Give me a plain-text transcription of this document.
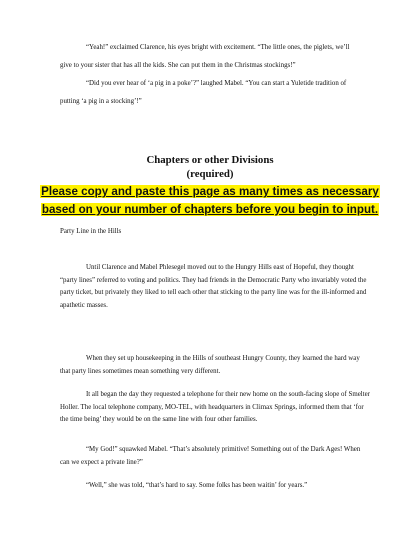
“Yeah!” exclaimed Clarence, his eyes bright with excitement. “The little ones, the piglets, we’ll

give to your sister that has all the kids. She can put them in the Christmas stockings!”

“Did you ever hear of ‘a pig in a poke’?” laughed Mabel. “You can start a Yuletide tradition of

putting ‘a pig in a stocking’!”

Chapters or other Divisions

(required)

Please copy and paste this page as many times as necessary
based on your number of chapters before you begin to input.

Party Line in the Hills

Until Clarence and Mabel Phlesegel moved out to the Hungry Hills east of Hopeful, they thought “party lines” referred to voting and politics. They had friends in the Democratic Party who invariably voted the party ticket, but privately they liked to tell each other that sticking to the party line was for the ill-informed and apathetic masses.

When they set up housekeeping in the Hills of southeast Hungry County, they learned the hard way that party lines sometimes mean something very different.

It all began the day they requested a telephone for their new home on the south-facing slope of Smelter Holler. The local telephone company, MO-TEL, with headquarters in Climax Springs, informed them that ‘for the time being’ they would be on the same line with four other families.

“My God!” squawked Mabel. “That’s absolutely primitive! Something out of the Dark Ages! When can we expect a private line?”

“Well,” she was told, “that’s hard to say. Some folks has been waitin’ for years.”
